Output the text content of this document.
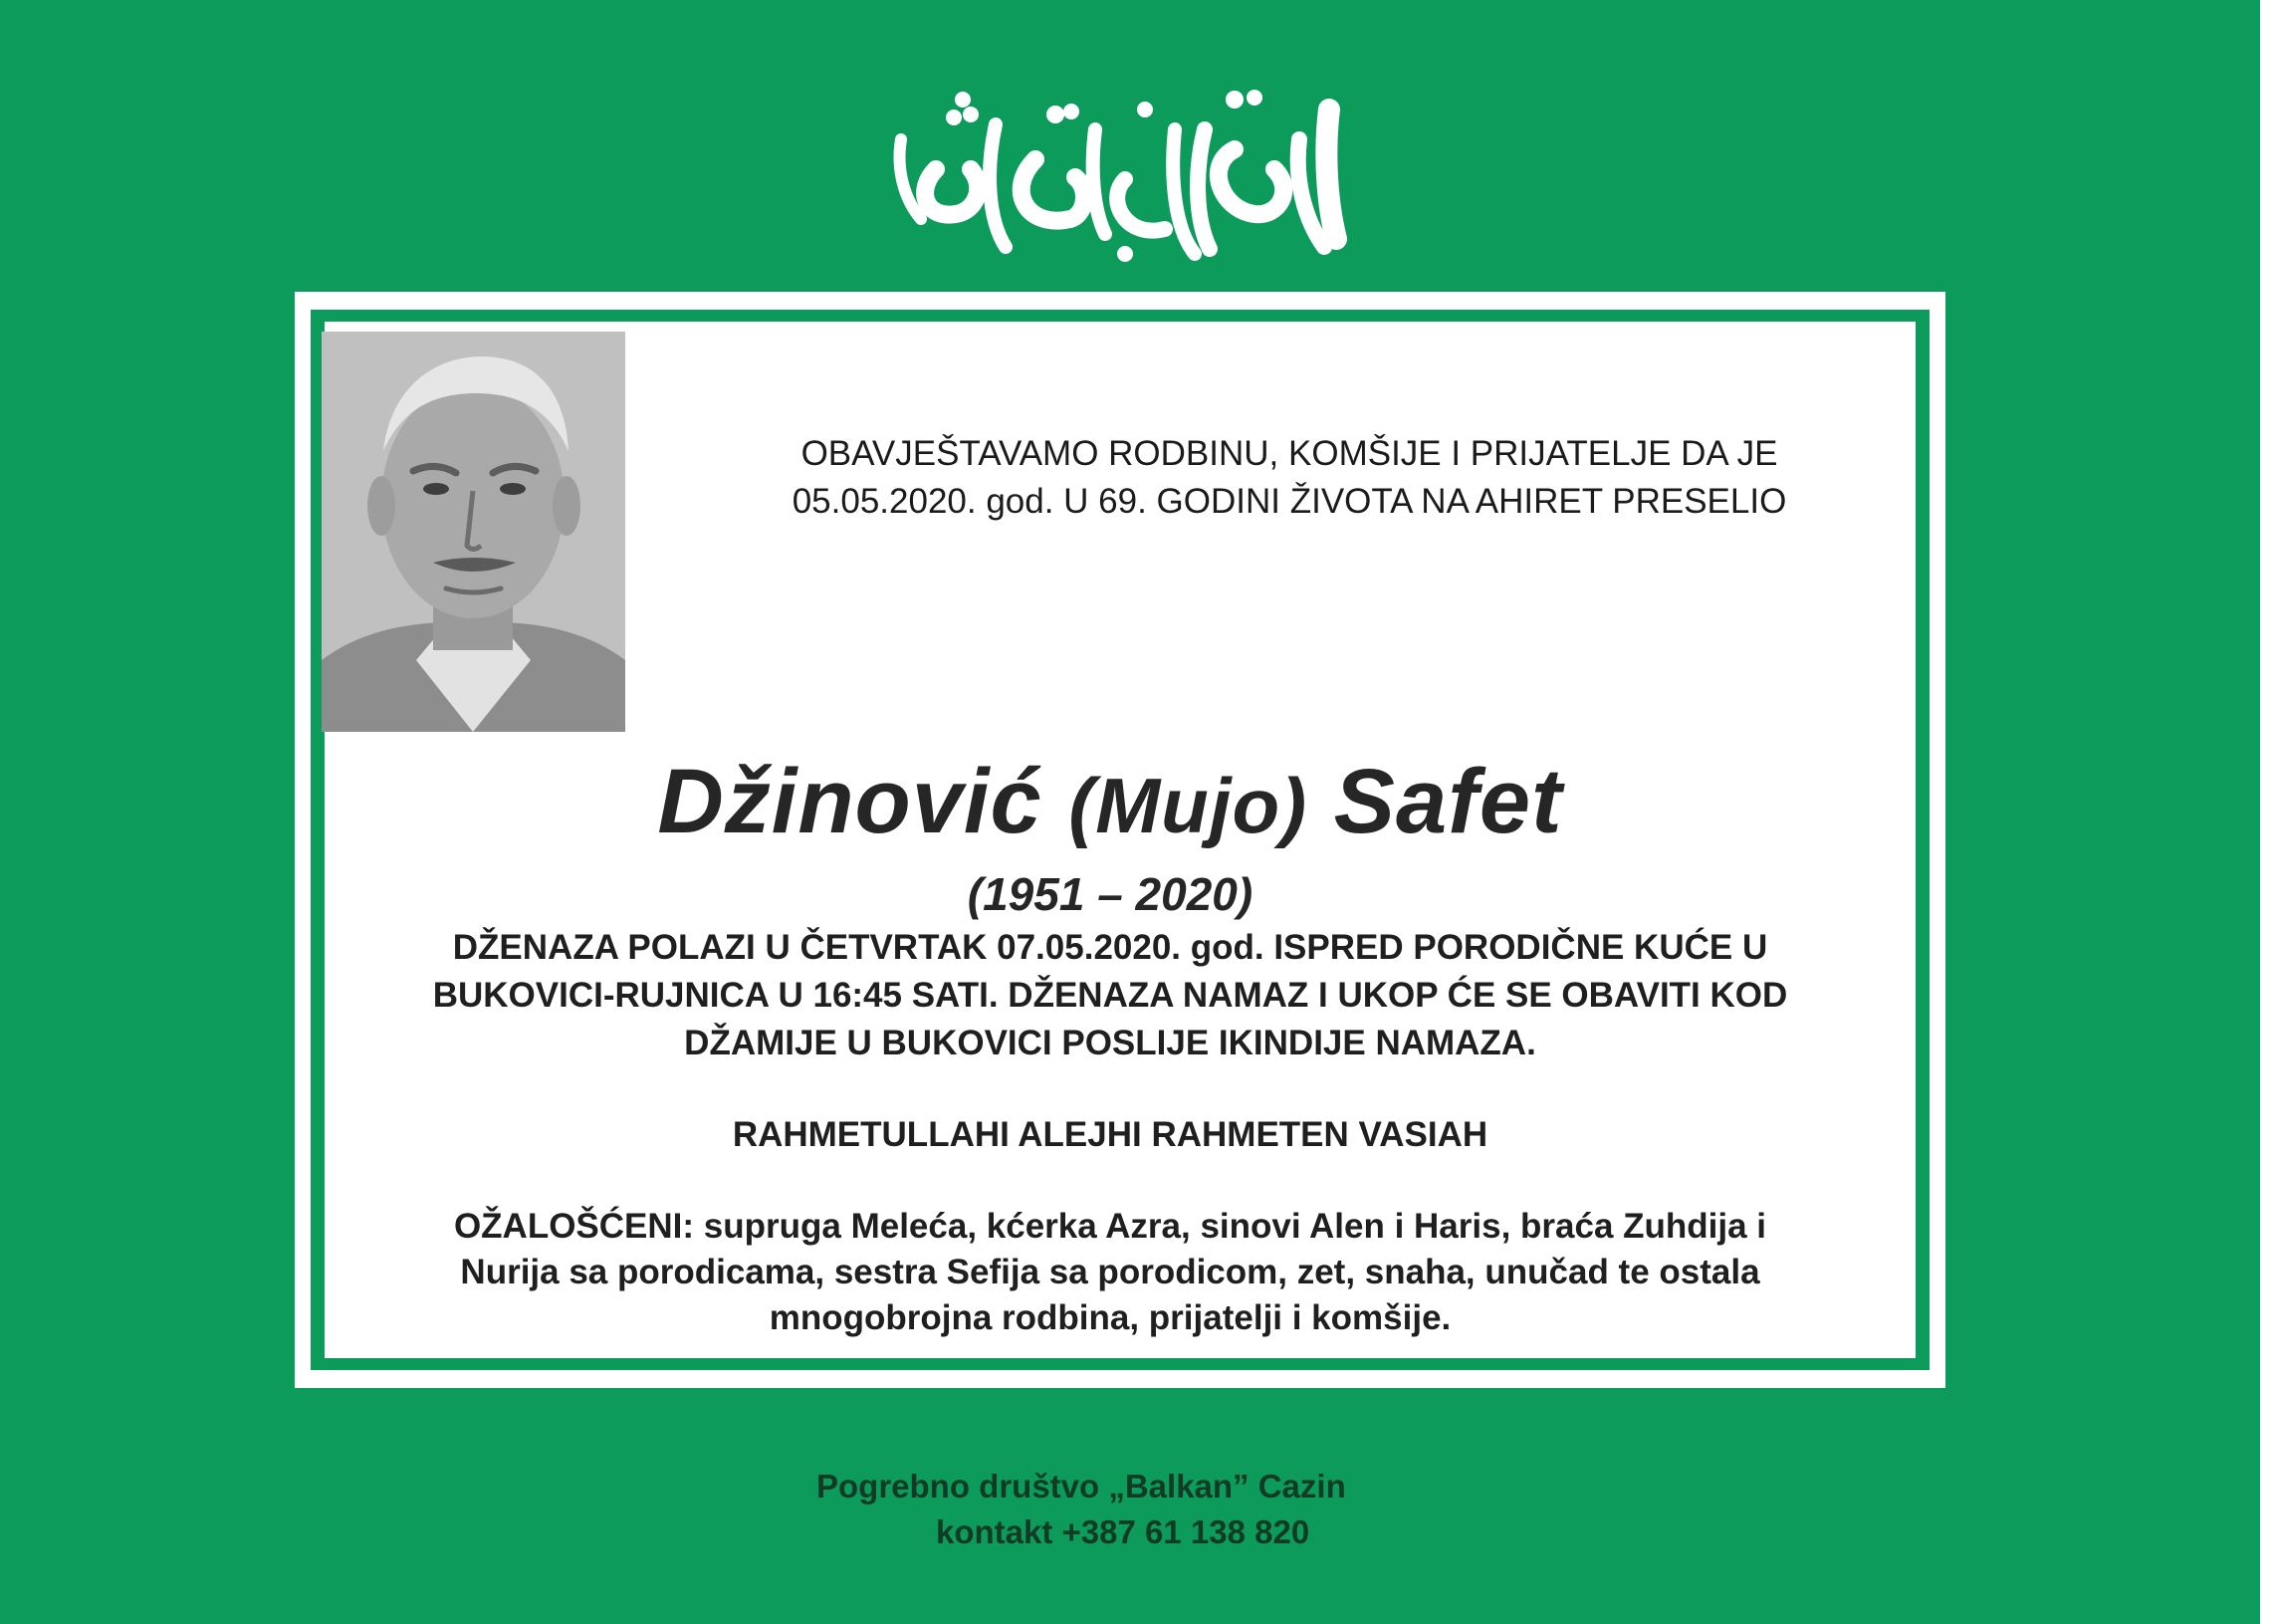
OBAVJEŠTAVAMO RODBINU, KOMŠIJE I PRIJATELJE DA JE
05.05.2020. god. U 69. GODINI ŽIVOTA NA AHIRET PRESELIO
Džinović (Mujo) Safet
(1951 – 2020)
DŽENAZA POLAZI U ČETVRTAK 07.05.2020. god. ISPRED PORODIČNE KUĆE U
BUKOVICI-RUJNICA U 16:45 SATI. DŽENAZA NAMAZ I UKOP ĆE SE OBAVITI KOD
DŽAMIJE U BUKOVICI POSLIJE IKINDIJE NAMAZA.
RAHMETULLAHI ALEJHI RAHMETEN VASIAH
OŽALOŠĆENI: supruga Meleća, kćerka Azra, sinovi Alen i Haris, braća Zuhdija i
Nurija sa porodicama, sestra Sefija sa porodicom, zet, snaha, unučad te ostala
mnogobrojna rodbina, prijatelji i komšije.
Pogrebno društvo „Balkan” Cazin
kontakt +387 61 138 820
